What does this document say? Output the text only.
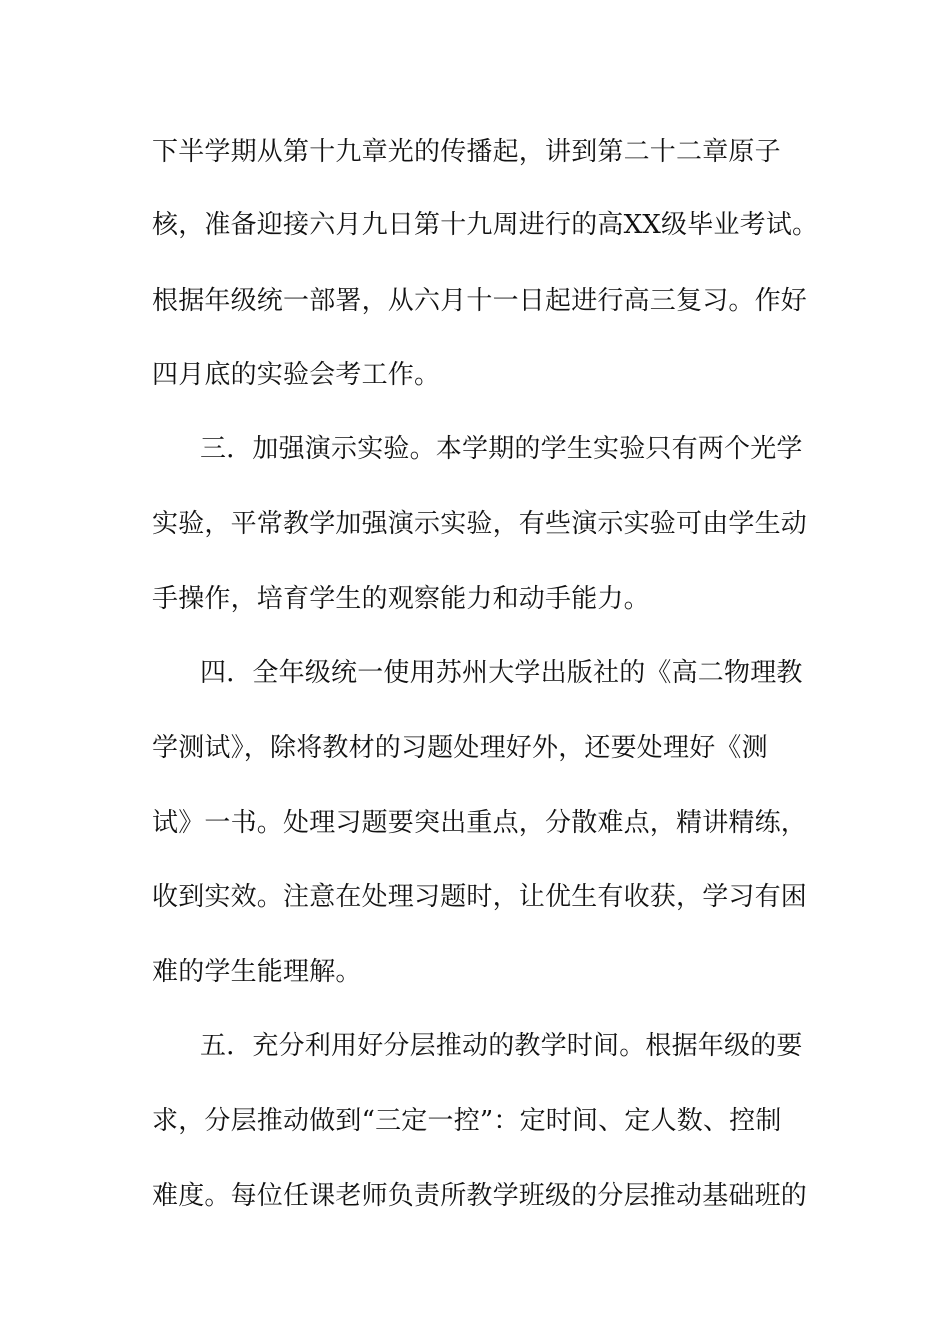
下半学期从第十九章光的传播起，讲到第二十二章原子
核，准备迎接六月九日第十九周进行的高XX级毕业考试。
根据年级统一部署，从六月十一日起进行高三复习。作好
四月底的实验会考工作。
三．加强演示实验。本学期的学生实验只有两个光学
实验，平常教学加强演示实验，有些演示实验可由学生动
手操作，培育学生的观察能力和动手能力。
四．全年级统一使用苏州大学出版社的《高二物理教
学测试》，除将教材的习题处理好外，还要处理好《测
试》一书。处理习题要突出重点，分散难点，精讲精练，
收到实效。注意在处理习题时，让优生有收获，学习有困
难的学生能理解。
五．充分利用好分层推动的教学时间。根据年级的要
求，分层推动做到“三定一控”：定时间、定人数、控制
难度。每位任课老师负责所教学班级的分层推动基础班的
